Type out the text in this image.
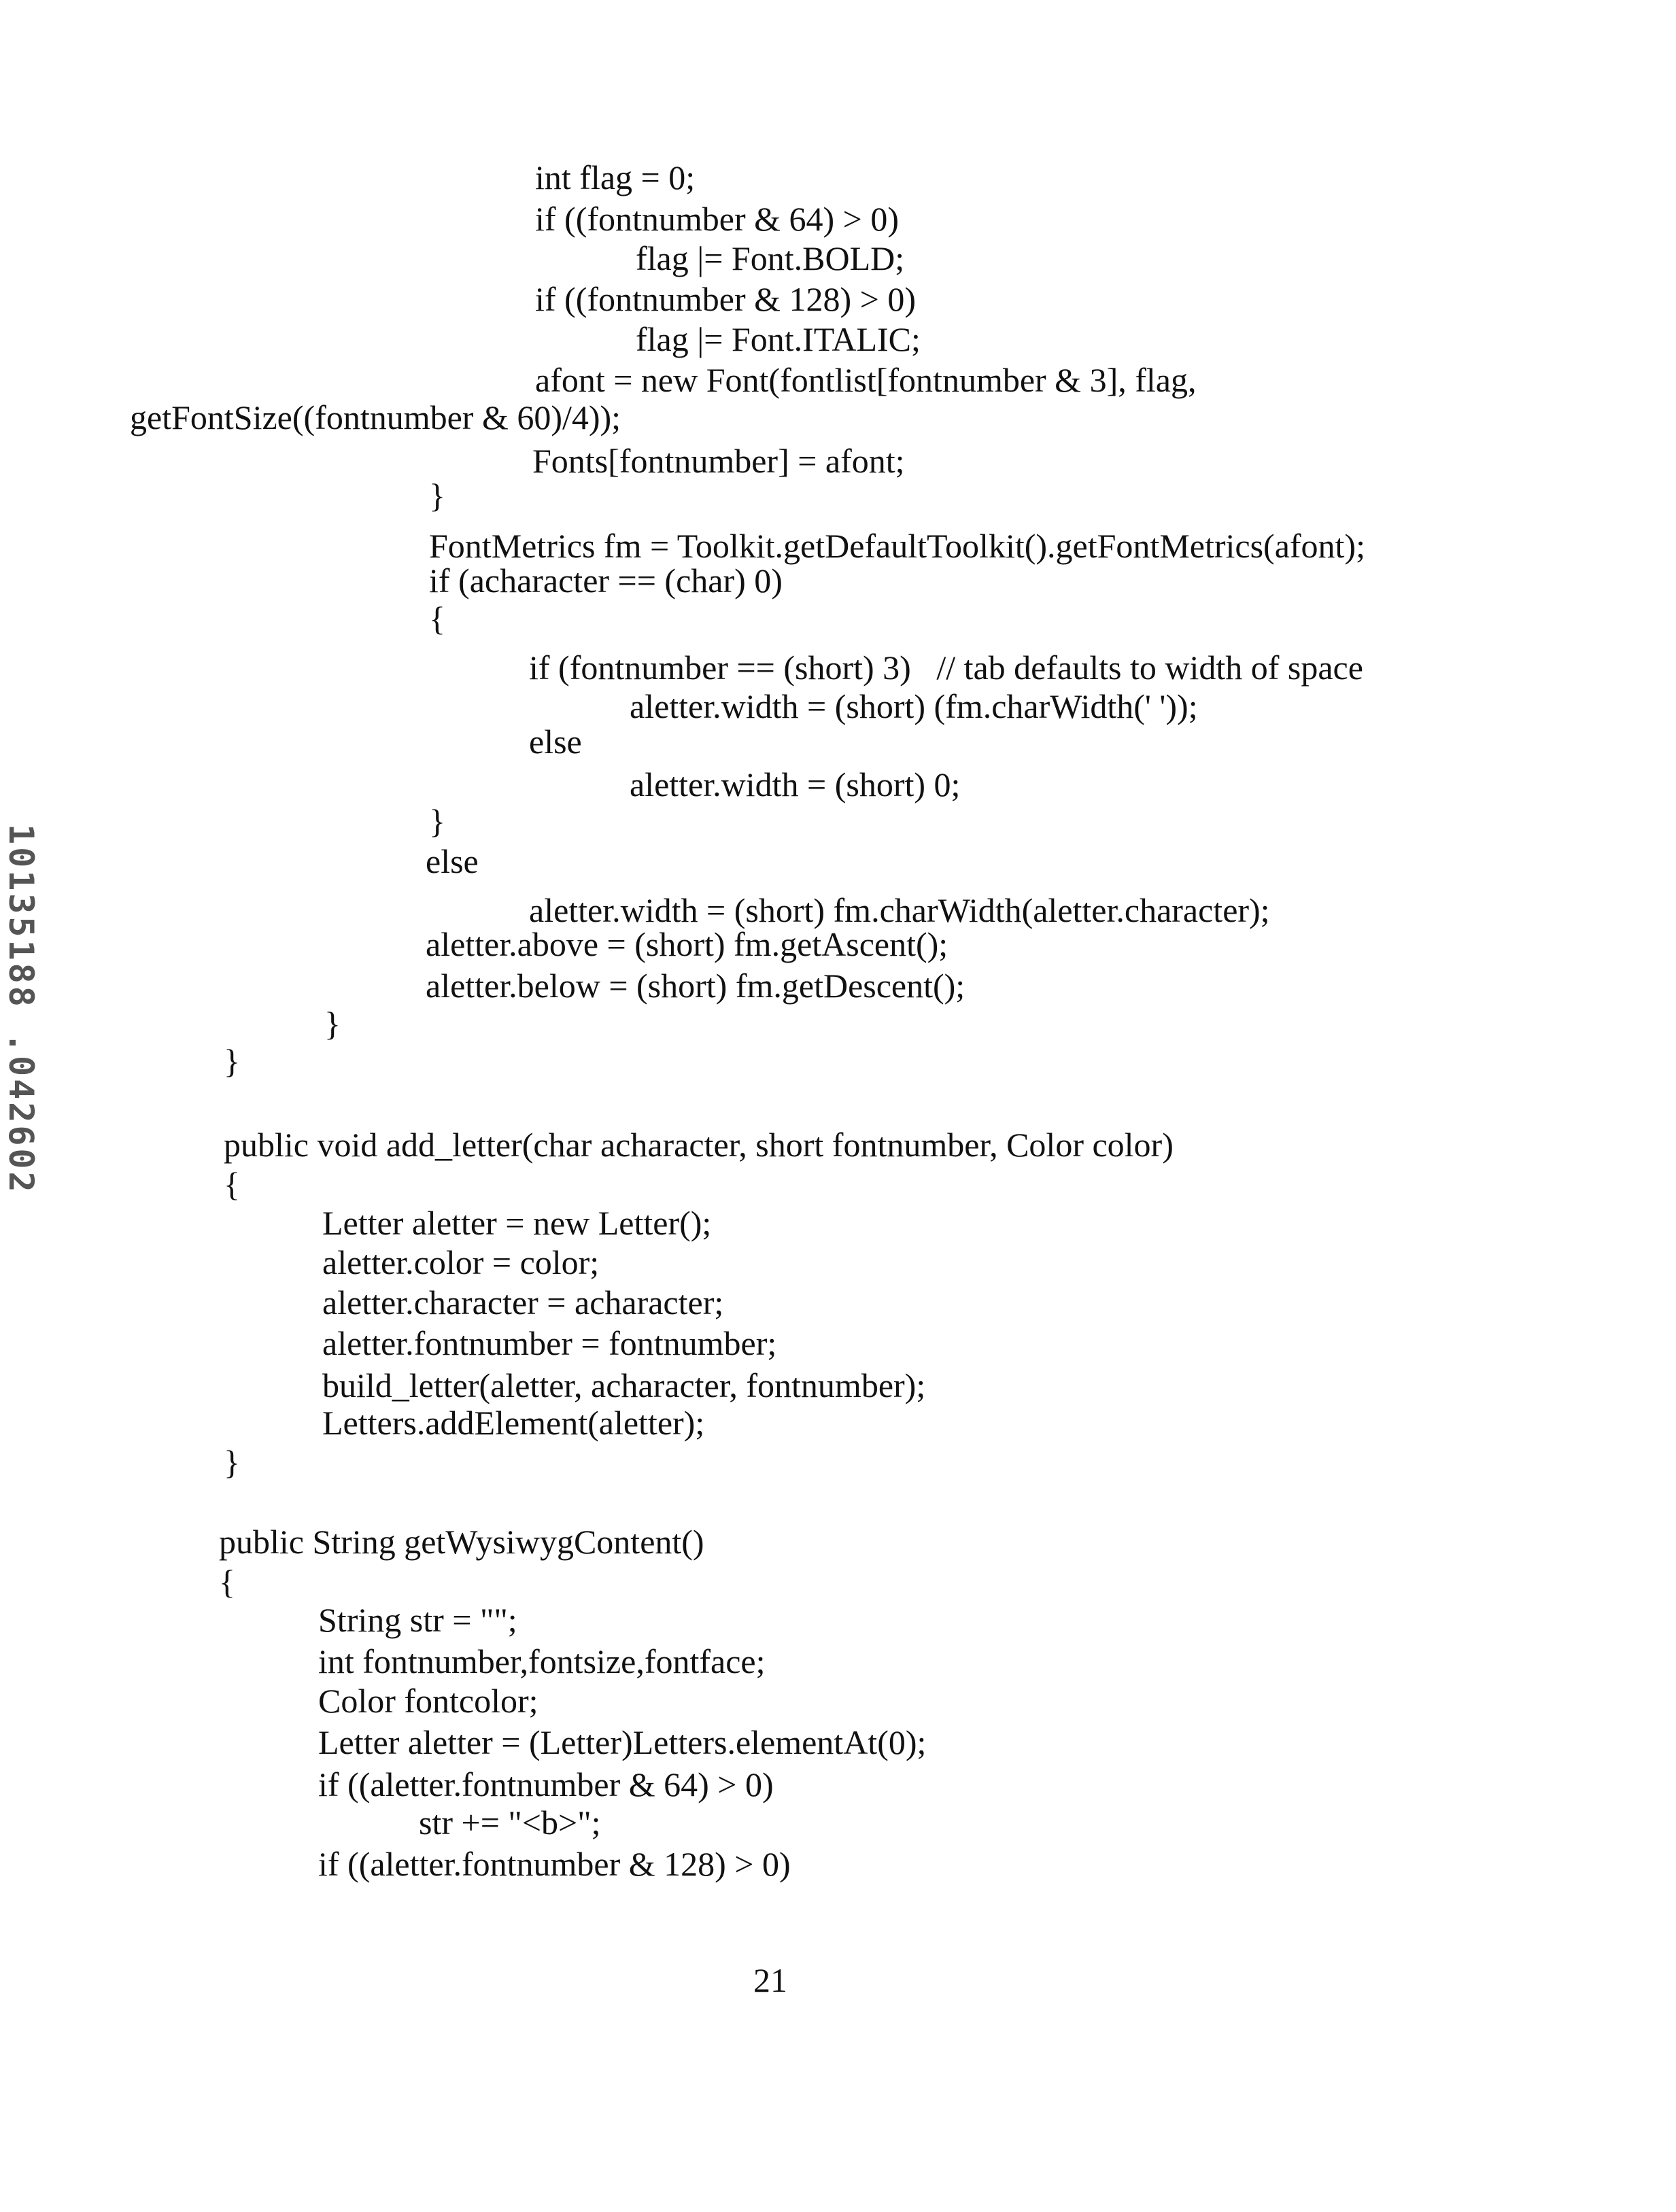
10135188 .042602
int flag = 0;
if ((fontnumber & 64) > 0)
flag |= Font.BOLD;
if ((fontnumber & 128) > 0)
flag |= Font.ITALIC;
afont = new Font(fontlist[fontnumber & 3], flag,
getFontSize((fontnumber & 60)/4));
Fonts[fontnumber] = afont;
}
FontMetrics fm = Toolkit.getDefaultToolkit().getFontMetrics(afont);
if (acharacter == (char) 0)
{
if (fontnumber == (short) 3)   // tab defaults to width of space
aletter.width = (short) (fm.charWidth(' '));
else
aletter.width = (short) 0;
}
else
aletter.width = (short) fm.charWidth(aletter.character);
aletter.above = (short) fm.getAscent();
aletter.below = (short) fm.getDescent();
}
}
public void add_letter(char acharacter, short fontnumber, Color color)
{
Letter aletter = new Letter();
aletter.color = color;
aletter.character = acharacter;
aletter.fontnumber = fontnumber;
build_letter(aletter, acharacter, fontnumber);
Letters.addElement(aletter);
}
public String getWysiwygContent()
{
String str = "";
int fontnumber,fontsize,fontface;
Color fontcolor;
Letter aletter = (Letter)Letters.elementAt(0);
if ((aletter.fontnumber & 64) > 0)
str += "<b>";
if ((aletter.fontnumber & 128) > 0)
21
